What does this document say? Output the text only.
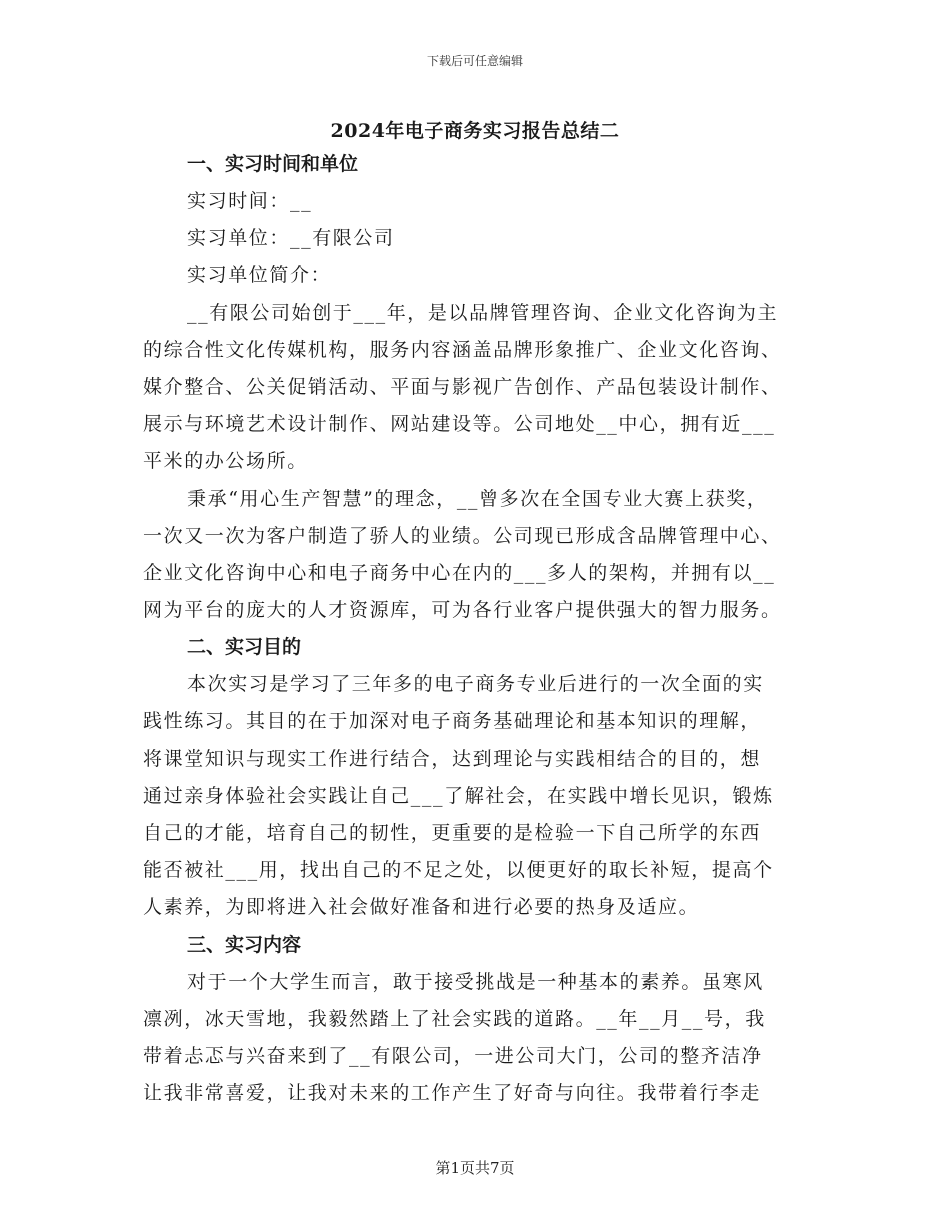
下载后可任意编辑
2024年电子商务实习报告总结二
一、实习时间和单位
实习时间：__
实习单位：__有限公司
实习单位简介：
__有限公司始创于___年，是以品牌管理咨询、企业文化咨询为主
的综合性文化传媒机构，服务内容涵盖品牌形象推广、企业文化咨询、
媒介整合、公关促销活动、平面与影视广告创作、产品包装设计制作、
展示与环境艺术设计制作、网站建设等。公司地处__中心，拥有近___
平米的办公场所。
秉承“用心生产智慧”的理念，__曾多次在全国专业大赛上获奖，
一次又一次为客户制造了骄人的业绩。公司现已形成含品牌管理中心、
企业文化咨询中心和电子商务中心在内的___多人的架构，并拥有以__
网为平台的庞大的人才资源库，可为各行业客户提供强大的智力服务。
二、实习目的
本次实习是学习了三年多的电子商务专业后进行的一次全面的实
践性练习。其目的在于加深对电子商务基础理论和基本知识的理解，
将课堂知识与现实工作进行结合，达到理论与实践相结合的目的，想
通过亲身体验社会实践让自己___了解社会，在实践中增长见识，锻炼
自己的才能，培育自己的韧性，更重要的是检验一下自己所学的东西
能否被社___用，找出自己的不足之处，以便更好的取长补短，提高个
人素养，为即将进入社会做好准备和进行必要的热身及适应。
三、实习内容
对于一个大学生而言，敢于接受挑战是一种基本的素养。虽寒风
凛冽，冰天雪地，我毅然踏上了社会实践的道路。__年__月__号，我
带着忐忑与兴奋来到了__有限公司，一进公司大门，公司的整齐洁净
让我非常喜爱，让我对未来的工作产生了好奇与向往。我带着行李走
第1页共7页
